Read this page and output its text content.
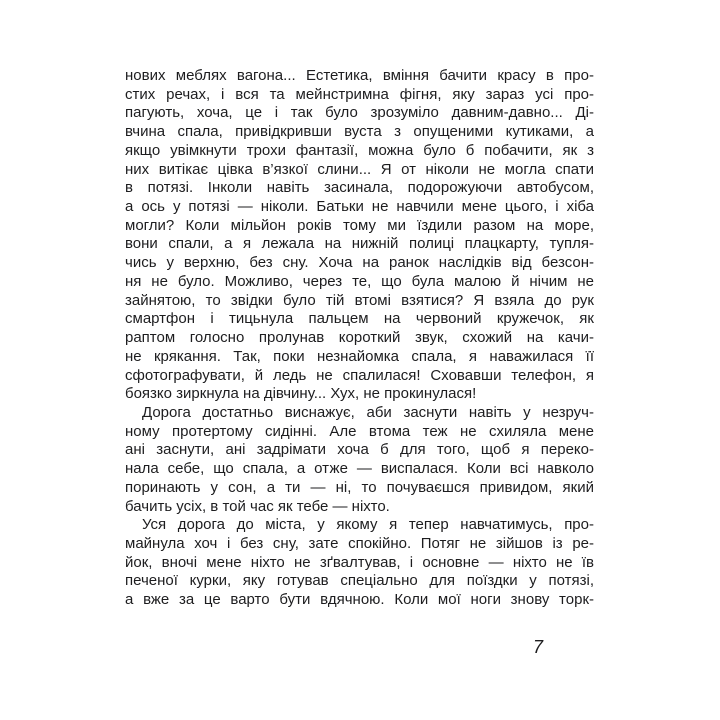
нових меблях вагона... Естетика, вміння бачити красу в про-
стих речах, і вся та мейнстримна фігня, яку зараз усі про-
пагують, хоча, це і так було зрозуміло давним-давно... Ді-
вчина спала, привідкривши вуста з опущеними кутиками, а
якщо увімкнути трохи фантазії, можна було б побачити, як з
них витікає цівка в’язкої слини... Я от ніколи не могла спати
в потязі. Інколи навіть засинала, подорожуючи автобусом,
а ось у потязі — ніколи. Батьки не навчили мене цього, і хіба
могли? Коли мільйон років тому ми їздили разом на море,
вони спали, а я лежала на нижній полиці плацкарту, тупля-
чись у верхню, без сну. Хоча на ранок наслідків від безсон-
ня не було. Можливо, через те, що була малою й нічим не
зайнятою, то звідки було тій втомі взятися? Я взяла до рук
смартфон і тицьнула пальцем на червоний кружечок, як
раптом голосно пролунав короткий звук, схожий на качи-
не крякання. Так, поки незнайомка спала, я наважилася її
сфотографувати, й ледь не спалилася! Сховавши телефон, я
боязко зиркнула на дівчину... Хух, не прокинулася!
Дорога достатньо виснажує, аби заснути навіть у незруч-
ному протертому сидінні. Але втома теж не схиляла мене
ані заснути, ані задрімати хоча б для того, щоб я переко-
нала себе, що спала, а отже — виспалася. Коли всі навколо
поринають у сон, а ти — ні, то почуваєшся привидом, який
бачить усіх, в той час як тебе — ніхто.
Уся дорога до міста, у якому я тепер навчатимусь, про-
майнула хоч і без сну, зате спокійно. Потяг не зійшов із ре-
йок, вночі мене ніхто не зґвалтував, і основне — ніхто не їв
печеної курки, яку готував спеціально для поїздки у потязі,
а вже за це варто бути вдячною. Коли мої ноги знову торк-
7
